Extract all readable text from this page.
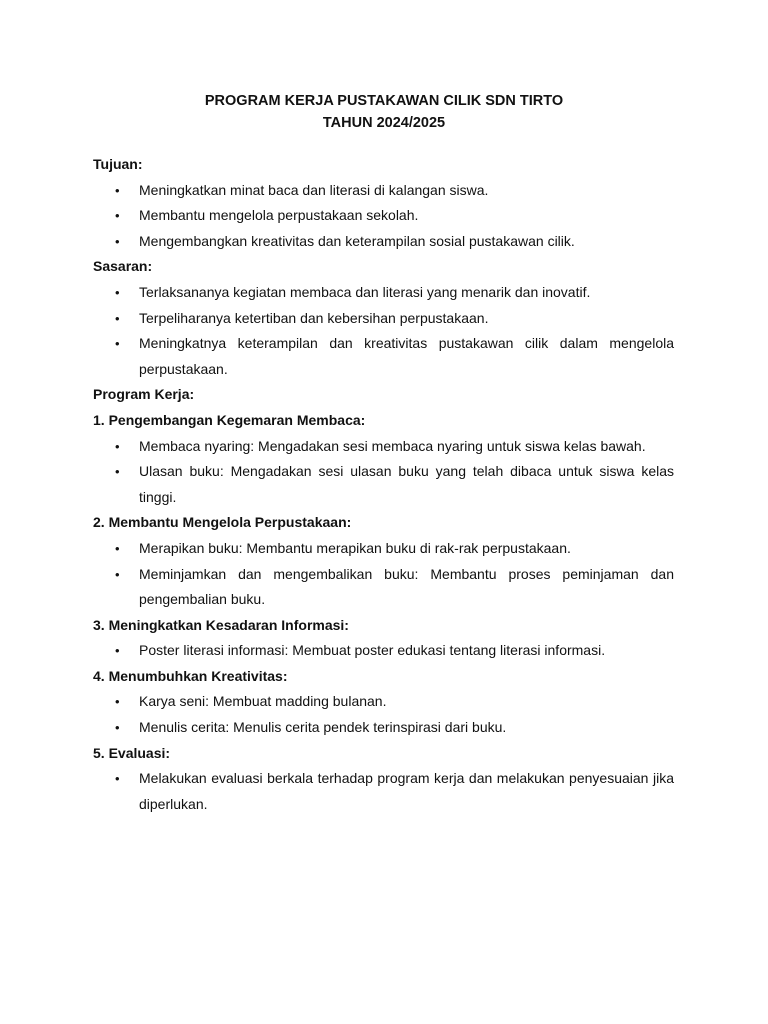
PROGRAM KERJA PUSTAKAWAN CILIK SDN TIRTO
TAHUN 2024/2025
Tujuan:
•	Meningkatkan minat baca dan literasi di kalangan siswa.
•	Membantu mengelola perpustakaan sekolah.
•	Mengembangkan kreativitas dan keterampilan sosial pustakawan cilik.
Sasaran:
•	Terlaksananya kegiatan membaca dan literasi yang menarik dan inovatif.
•	Terpeliharanya ketertiban dan kebersihan perpustakaan.
•	Meningkatnya keterampilan dan kreativitas pustakawan cilik dalam mengelola perpustakaan.
Program Kerja:
1. Pengembangan Kegemaran Membaca:
•	Membaca nyaring: Mengadakan sesi membaca nyaring untuk siswa kelas bawah.
•	Ulasan buku: Mengadakan sesi ulasan buku yang telah dibaca untuk siswa kelas tinggi.
2. Membantu Mengelola Perpustakaan:
•	Merapikan buku: Membantu merapikan buku di rak-rak perpustakaan.
•	Meminjamkan dan mengembalikan buku: Membantu proses peminjaman dan pengembalian buku.
3. Meningkatkan Kesadaran Informasi:
•	Poster literasi informasi: Membuat poster edukasi tentang literasi informasi.
4. Menumbuhkan Kreativitas:
•	Karya seni: Membuat madding bulanan.
•	Menulis cerita: Menulis cerita pendek terinspirasi dari buku.
5. Evaluasi:
•	Melakukan evaluasi berkala terhadap program kerja dan melakukan penyesuaian jika diperlukan.
